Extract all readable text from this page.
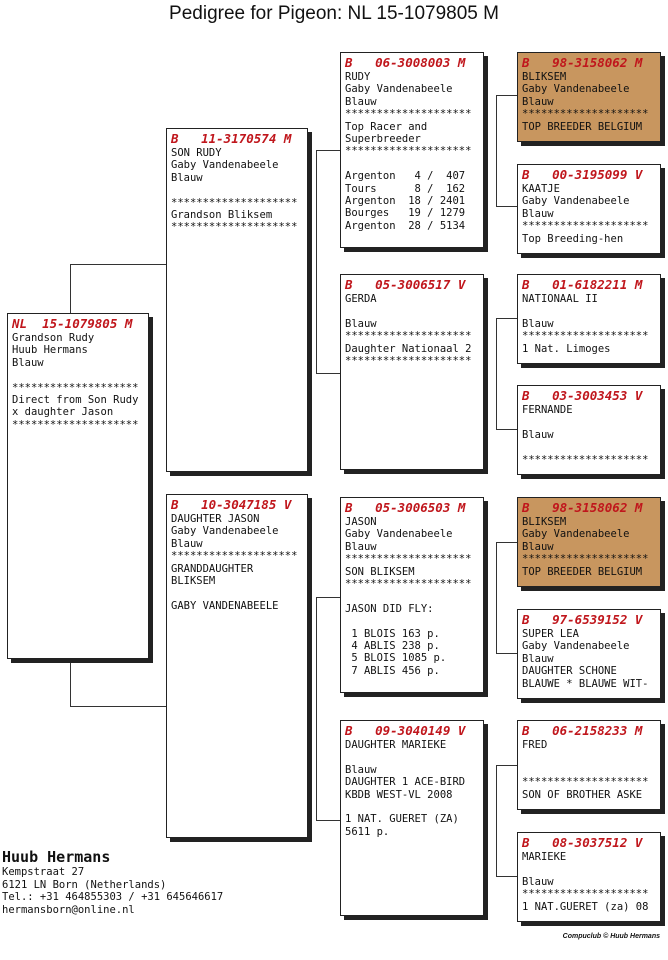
Pedigree for Pigeon: NL 15-1079805 M
NL  15-1079805 M
Grandson Rudy
Huub Hermans
Blauw
********************
Direct from Son Rudy
x daughter Jason
********************
B   11-3170574 M
SON RUDY
Gaby Vandenabeele
Blauw
********************
Grandson Bliksem
********************
B   10-3047185 V
DAUGHTER JASON
Gaby Vandenabeele
Blauw
********************
GRANDDAUGHTER
BLIKSEM
GABY VANDENABEELE
B   06-3008003 M
RUDY
Gaby Vandenabeele
Blauw
********************
Top Racer and
Superbreeder
********************
Argenton   4 /  407
Tours      8 /  162
Argenton  18 / 2401
Bourges   19 / 1279
Argenton  28 / 5134
B   05-3006517 V
GERDA
Blauw
********************
Daughter Nationaal 2
********************
B   05-3006503 M
JASON
Gaby Vandenabeele
Blauw
********************
SON BLIKSEM
********************
JASON DID FLY:
1 BLOIS 163 p.
4 ABLIS 238 p.
5 BLOIS 1085 p.
7 ABLIS 456 p.
B   09-3040149 V
DAUGHTER MARIEKE
Blauw
DAUGHTER 1 ACE-BIRD
KBDB WEST-VL 2008
1 NAT. GUERET (ZA)
5611 p.
B   98-3158062 M
BLIKSEM
Gaby Vandenabeele
Blauw
********************
TOP BREEDER BELGIUM
B   00-3195099 V
KAATJE
Gaby Vandenabeele
Blauw
********************
Top Breeding-hen
B   01-6182211 M
NATIONAAL II
Blauw
********************
1 Nat. Limoges
B   03-3003453 V
FERNANDE
Blauw
********************
B   98-3158062 M
BLIKSEM
Gaby Vandenabeele
Blauw
********************
TOP BREEDER BELGIUM
B   97-6539152 V
SUPER LEA
Gaby Vandenabeele
Blauw
DAUGHTER SCHONE
BLAUWE * BLAUWE WIT-
B   06-2158233 M
FRED
********************
SON OF BROTHER ASKE
B   08-3037512 V
MARIEKE
Blauw
********************
1 NAT.GUERET (za) 08
Huub Hermans
Kempstraat 27
6121 LN Born (Netherlands)
Tel.: +31 464855303 / +31 645646617
hermansborn@online.nl
Compuclub © Huub Hermans
